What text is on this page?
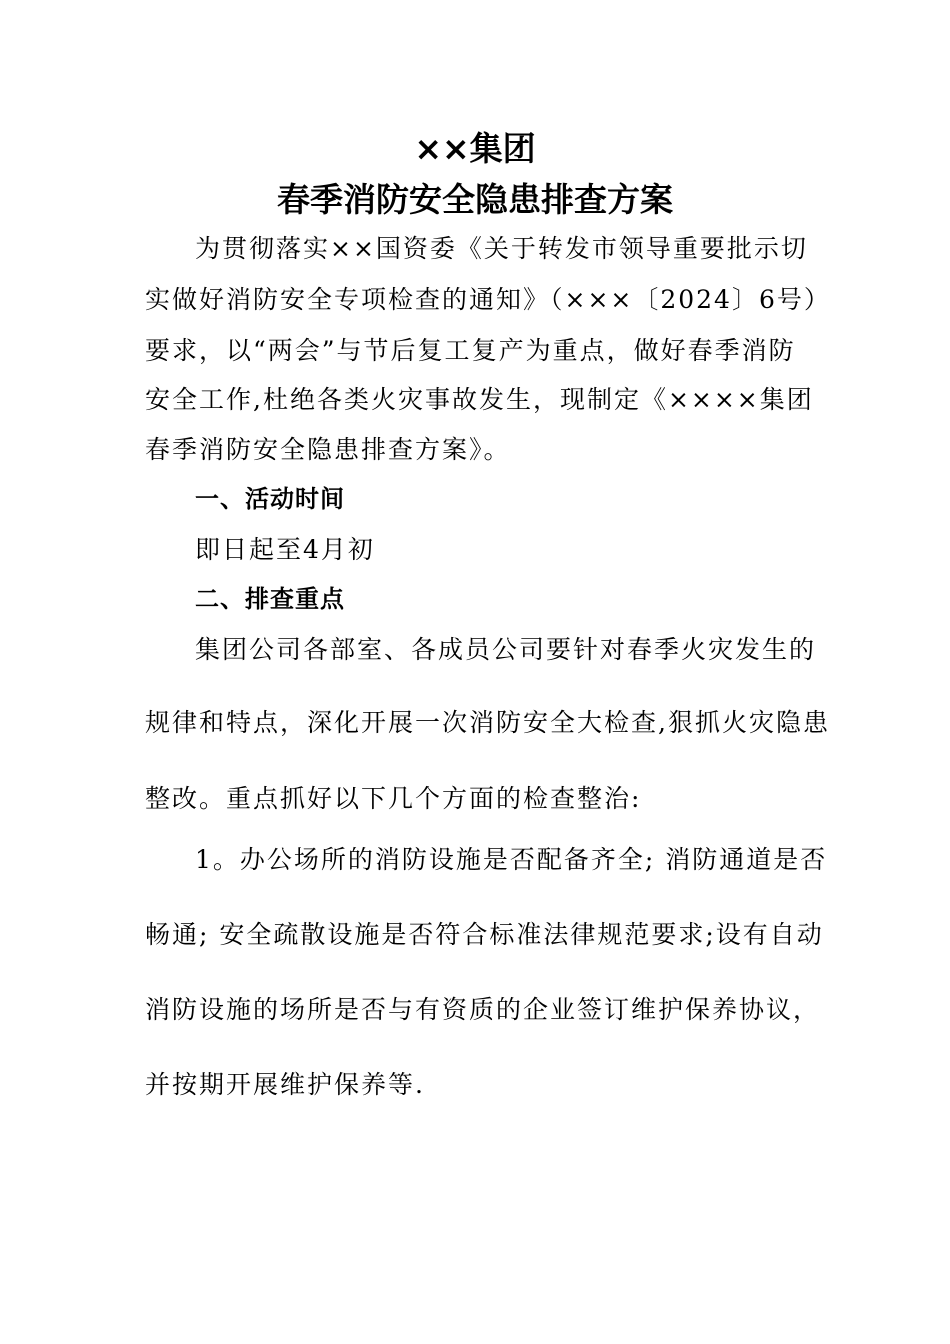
××集团
春季消防安全隐患排查方案
为贯彻落实××国资委《关于转发市领导重要批示切
实做好消防安全专项检查的通知》（×××〔2024〕6号）
要求，以“两会”与节后复工复产为重点，做好春季消防
安全工作,杜绝各类火灾事故发生，现制定《××××集团
春季消防安全隐患排查方案》。
一、活动时间
即日起至4月初
二、排查重点
集团公司各部室、各成员公司要针对春季火灾发生的
规律和特点，深化开展一次消防安全大检查,狠抓火灾隐患
整改。重点抓好以下几个方面的检查整治:
1。办公场所的消防设施是否配备齐全; 消防通道是否
畅通; 安全疏散设施是否符合标准法律规范要求;设有自动
消防设施的场所是否与有资质的企业签订维护保养协议，
并按期开展维护保养等.
